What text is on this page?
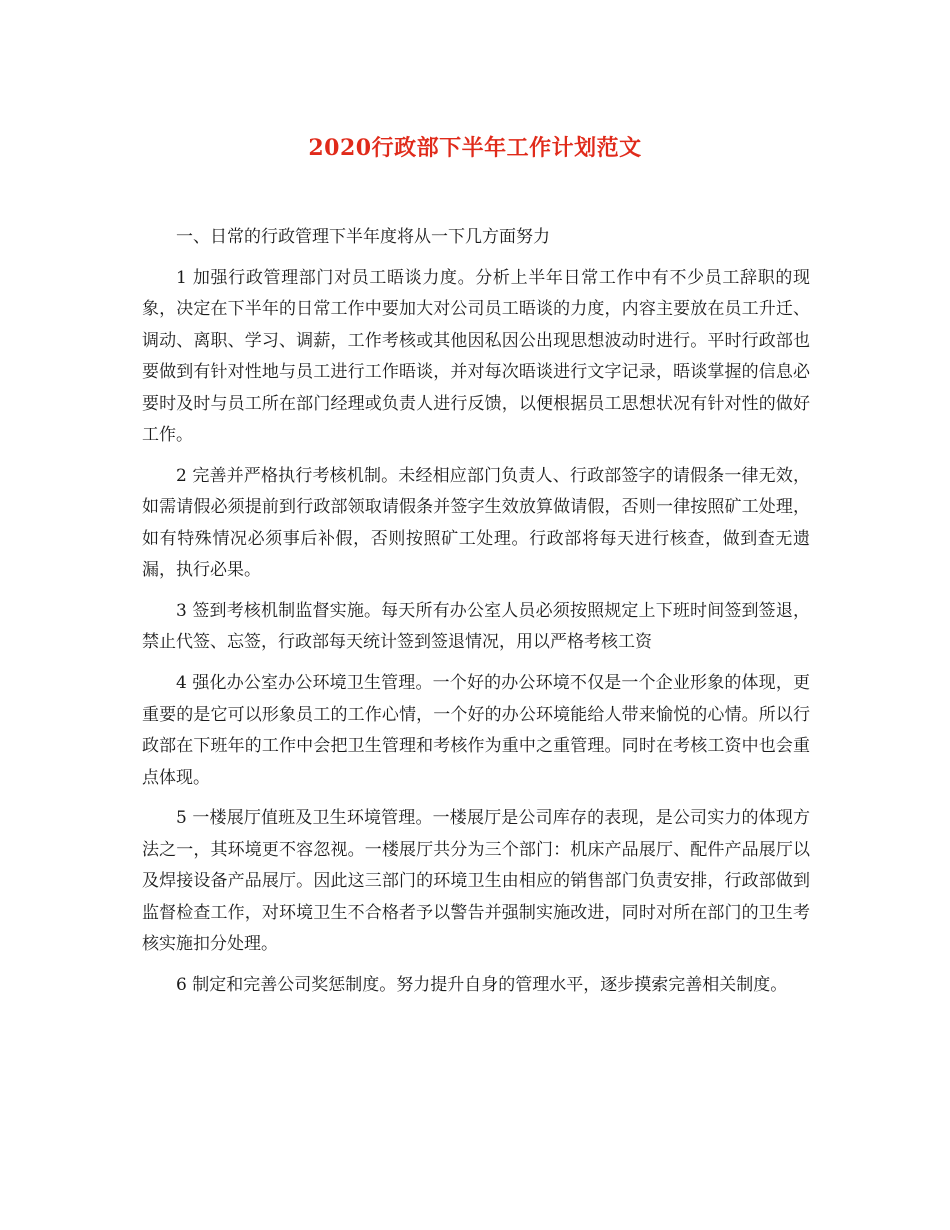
2020行政部下半年工作计划范文

一、日常的行政管理下半年度将从一下几方面努力

1 加强行政管理部门对员工晤谈力度。分析上半年日常工作中有不少员工辞职的现象，决定在下半年的日常工作中要加大对公司员工晤谈的力度，内容主要放在员工升迁、调动、离职、学习、调薪，工作考核或其他因私因公出现思想波动时进行。平时行政部也要做到有针对性地与员工进行工作晤谈，并对每次晤谈进行文字记录，晤谈掌握的信息必要时及时与员工所在部门经理或负责人进行反馈，以便根据员工思想状况有针对性的做好工作。

2 完善并严格执行考核机制。未经相应部门负责人、行政部签字的请假条一律无效，如需请假必须提前到行政部领取请假条并签字生效放算做请假，否则一律按照矿工处理，如有特殊情况必须事后补假，否则按照矿工处理。行政部将每天进行核查，做到查无遗漏，执行必果。

3 签到考核机制监督实施。每天所有办公室人员必须按照规定上下班时间签到签退，禁止代签、忘签，行政部每天统计签到签退情况，用以严格考核工资

4 强化办公室办公环境卫生管理。一个好的办公环境不仅是一个企业形象的体现，更重要的是它可以形象员工的工作心情，一个好的办公环境能给人带来愉悦的心情。所以行政部在下班年的工作中会把卫生管理和考核作为重中之重管理。同时在考核工资中也会重点体现。

5 一楼展厅值班及卫生环境管理。一楼展厅是公司库存的表现，是公司实力的体现方法之一，其环境更不容忽视。一楼展厅共分为三个部门：机床产品展厅、配件产品展厅以及焊接设备产品展厅。因此这三部门的环境卫生由相应的销售部门负责安排，行政部做到监督检查工作，对环境卫生不合格者予以警告并强制实施改进，同时对所在部门的卫生考核实施扣分处理。

6 制定和完善公司奖惩制度。努力提升自身的管理水平，逐步摸索完善相关制度。
